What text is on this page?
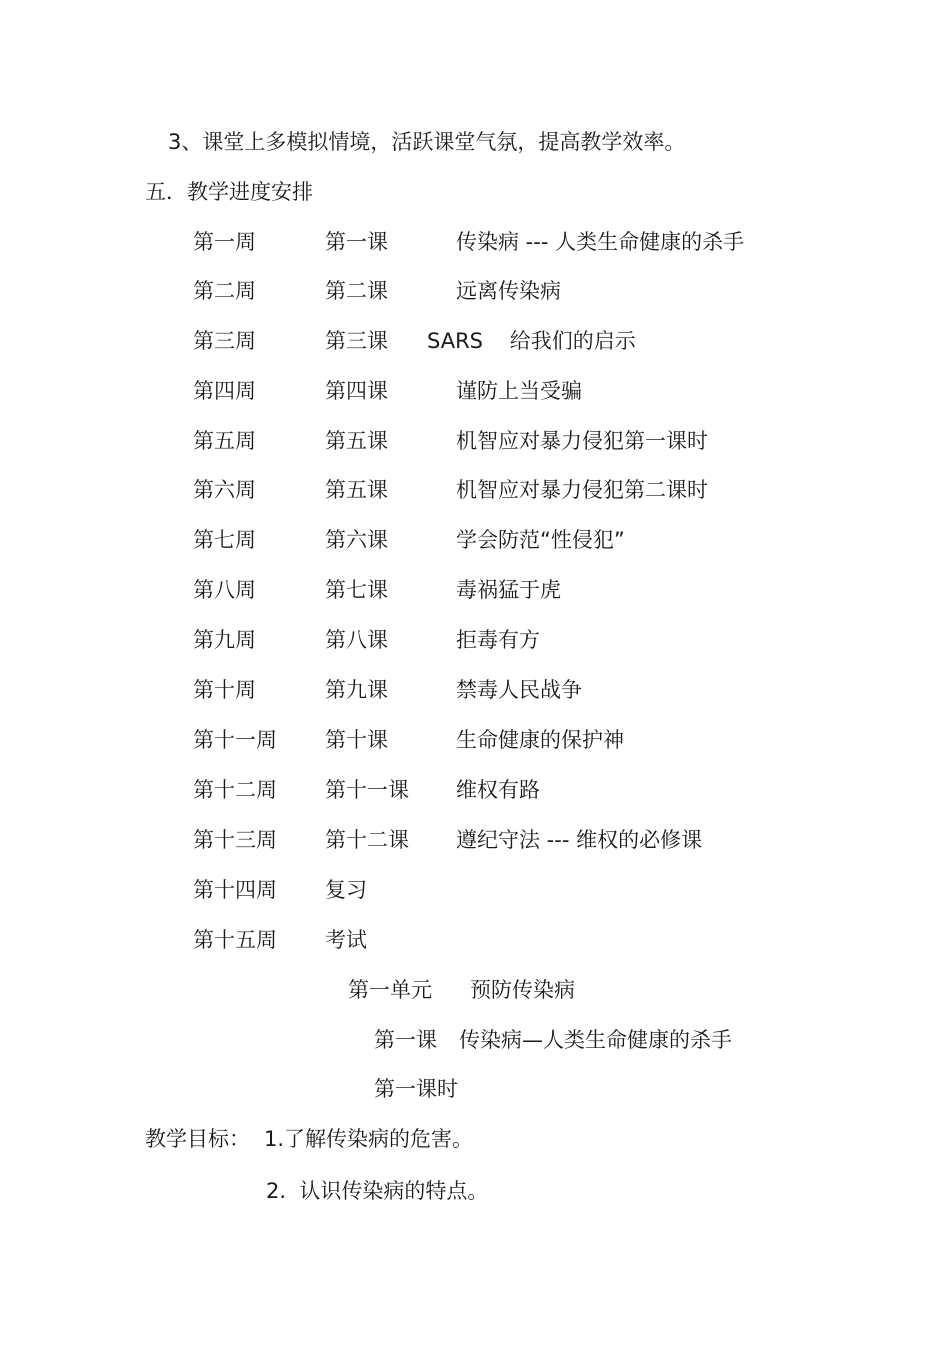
3、课堂上多模拟情境，活跃课堂气氛，提高教学效率。
五．教学进度安排
第一周	第一课	传染病 --- 人类生命健康的杀手
第二周	第二课	远离传染病
第三周	第三课 SARS    给我们的启示
第四周	第四课	谨防上当受骗
第五周	第五课	机智应对暴力侵犯第一课时
第六周	第五课	机智应对暴力侵犯第二课时
第七周	第六课	学会防范“性侵犯”
第八周	第七课	毒祸猛于虎
第九周	第八课	拒毒有方
第十周	第九课	禁毒人民战争
第十一周 第十课	生命健康的保护神
第十二周 第十一课 维权有路
第十三周 第十二课 遵纪守法 --- 维权的必修课
第十四周 复习
第十五周 考试
第一单元 预防传染病
第一课 传染病—人类生命健康的杀手
第一课时
教学目标： 1.了解传染病的危害。
2.  认识传染病的特点。
